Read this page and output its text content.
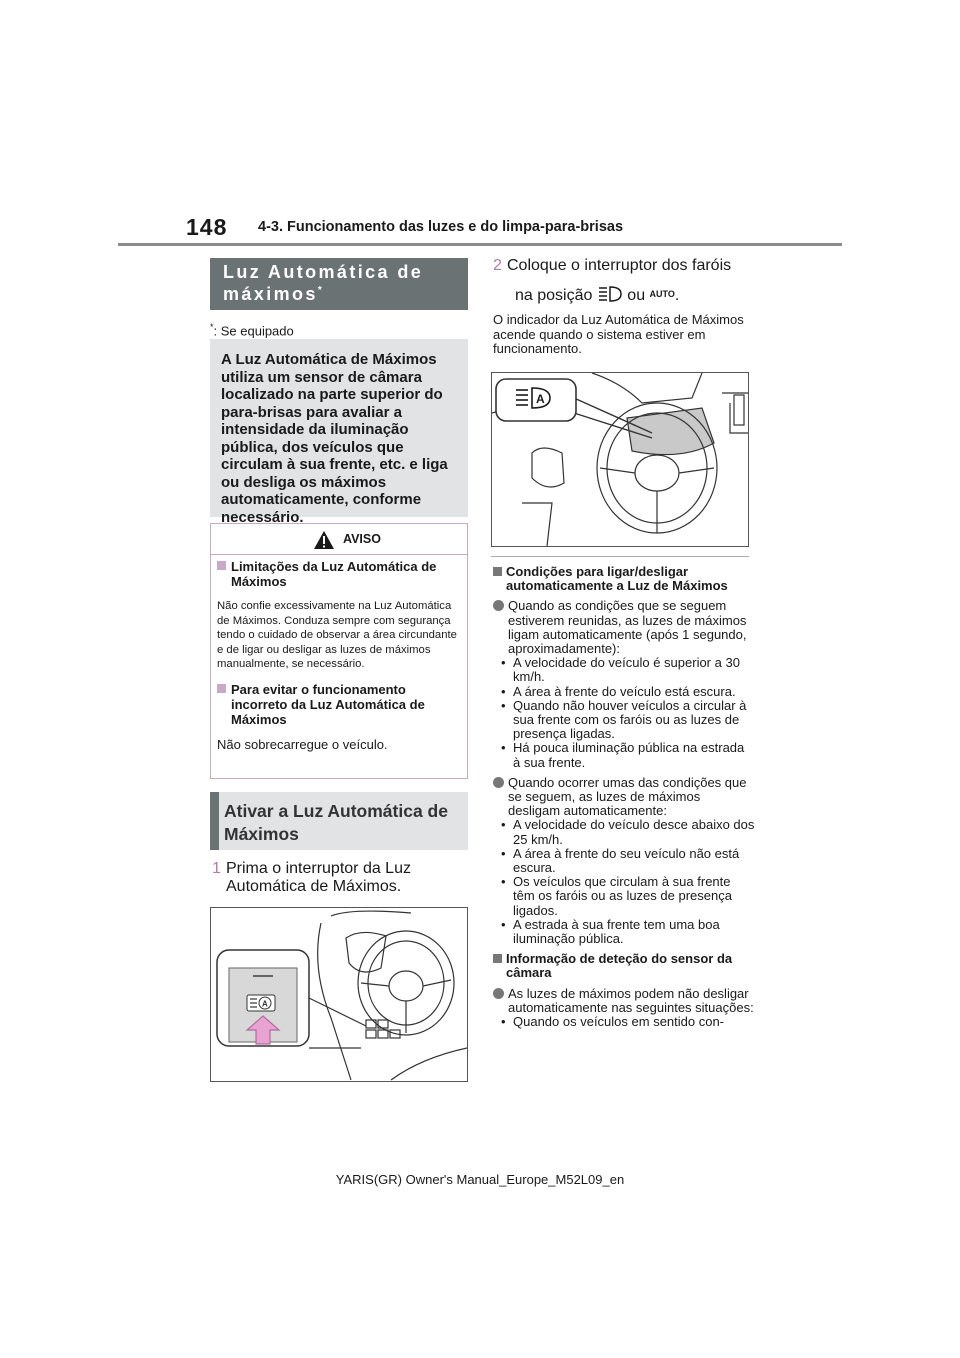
148 4-3. Funcionamento das luzes e do limpa-para-brisas
Luz Automática de
máximos*
*: Se equipado

A Luz Automática de Máximos utiliza um sensor de câmara localizado na parte superior do para-brisas para avaliar a intensidade da iluminação pública, dos veículos que circulam à sua frente, etc. e liga ou desliga os máximos automaticamente, conforme necessário.

AVISO
Limitações da Luz Automática de Máximos
Não confie excessivamente na Luz Automática de Máximos. Conduza sempre com segurança tendo o cuidado de observar a área circundante e de ligar ou desligar as luzes de máximos manualmente, se necessário.
Para evitar o funcionamento incorreto da Luz Automática de Máximos
Não sobrecarregue o veículo.
Ativar a Luz Automática de
Máximos
1 Prima o interruptor da Luz Automática de Máximos.
A
2 Coloque o interruptor dos faróis
na posição ou AUTO.
O indicador da Luz Automática de Máximos acende quando o sistema estiver em funcionamento.
A
Condições para ligar/desligar automaticamente a Luz de Máximos
Quando as condições que se seguem estiverem reunidas, as luzes de máximos ligam automaticamente (após 1 segundo, aproximadamente):
• A velocidade do veículo é superior a 30 km/h.
• A área à frente do veículo está escura.
• Quando não houver veículos a circular à sua frente com os faróis ou as luzes de presença ligadas.
• Há pouca iluminação pública na estrada à sua frente.
Quando ocorrer umas das condições que se seguem, as luzes de máximos desligam automaticamente:
• A velocidade do veículo desce abaixo dos 25 km/h.
• A área à frente do seu veículo não está escura.
• Os veículos que circulam à sua frente têm os faróis ou as luzes de presença ligados.
• A estrada à sua frente tem uma boa iluminação pública.
Informação de deteção do sensor da câmara
As luzes de máximos podem não desligar automaticamente nas seguintes situações:
• Quando os veículos em sentido con-
YARIS(GR) Owner's Manual_Europe_M52L09_en
